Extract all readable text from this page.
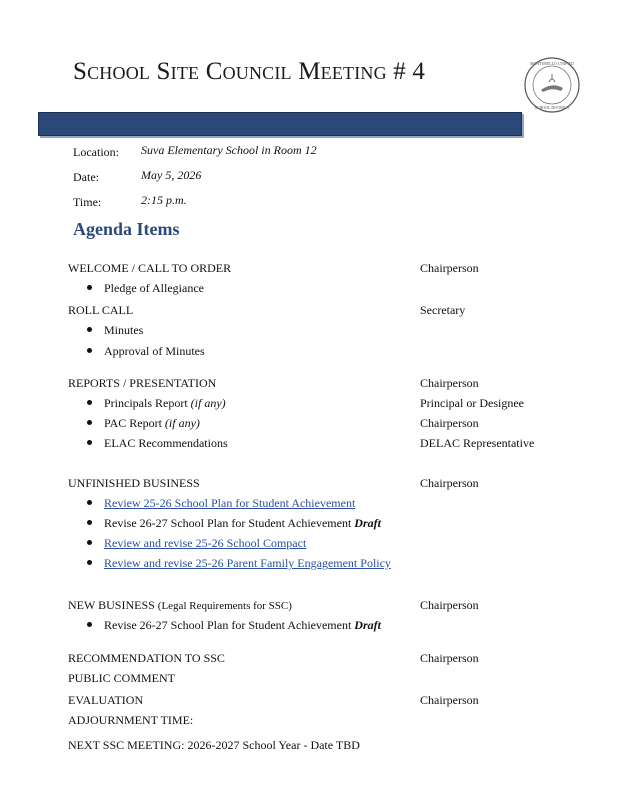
School Site Council Meeting # 4	MONTEBELLO UNIFIED
SCHOOL DISTRICT
Location: Suva Elementary School in Room 12
Date:	May 5, 2026
Time:	2:15 p.m.
Agenda Items
WELCOME / CALL TO ORDER	Chairperson
Pledge of Allegiance
ROLL CALL	Secretary
Minutes
Approval of Minutes
REPORTS / PRESENTATION	Chairperson
Principals Report (if any)	Principal or Designee
PAC Report (if any)	Chairperson
ELAC Recommendations	DELAC Representative
UNFINISHED BUSINESS	Chairperson
Review 25-26 School Plan for Student Achievement
Revise 26-27 School Plan for Student Achievement Draft
Review and revise 25-26 School Compact
Review and revise 25-26 Parent Family Engagement Policy
NEW BUSINESS (Legal Requirements for SSC)	Chairperson
Revise 26-27 School Plan for Student Achievement Draft
RECOMMENDATION TO SSC	Chairperson
PUBLIC COMMENT
EVALUATION	Chairperson
ADJOURNMENT TIME:
NEXT SSC MEETING: 2026-2027 School Year - Date TBD
